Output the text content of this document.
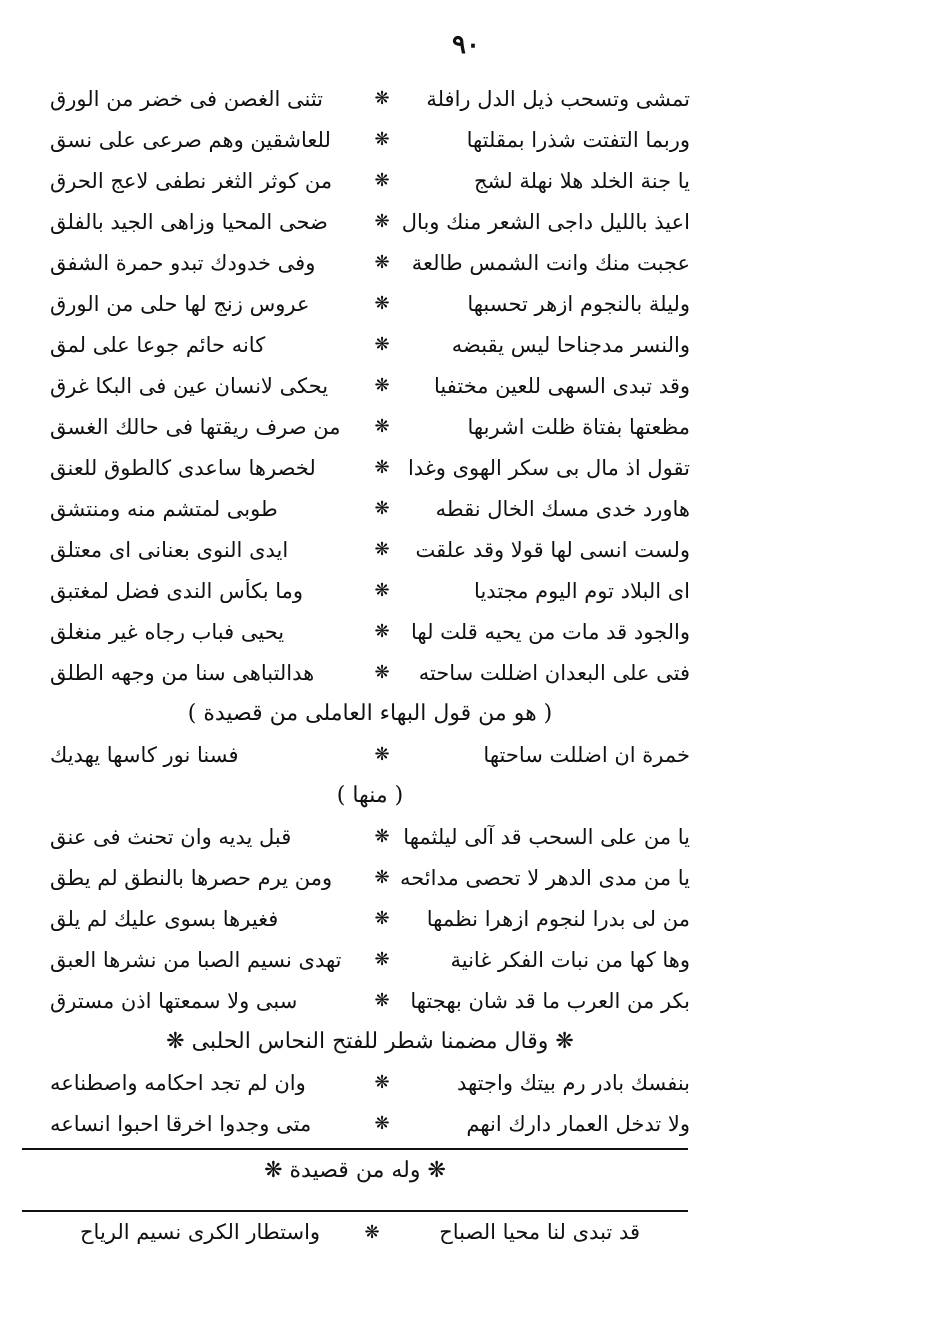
٩٠
تمشى وتسحب ذيل الدل رافلة
❋
تثنى الغصن فى خضر من الورق
وربما التفتت شذرا بمقلتها
❋
للعاشقين وهم صرعى على نسق
يا جنة الخلد هلا نهلة لشج
❋
من كوثر الثغر نطفى لاعج الحرق
اعيذ بالليل داجى الشعر منك وبال
❋
ضحى المحيا وزاهى الجيد بالفلق
عجبت منك وانت الشمس طالعة
❋
وفى خدودك تبدو حمرة الشفق
وليلة بالنجوم ازهر تحسبها
❋
عروس زنج لها حلى من الورق
والنسر مدجناحا ليس يقبضه
❋
كانه حائم جوعا على لمق
وقد تبدى السهى للعين مختفيا
❋
يحكى لانسان عين فى البكا غرق
مظعتها بفتاة ظلت اشربها
❋
من صرف ريقتها فى حالك الغسق
تقول اذ مال بى سكر الهوى وغدا
❋
لخصرها ساعدى كالطوق للعنق
هاورد خدى مسك الخال نقطه
❋
طوبى لمتشم منه ومنتشق
ولست انسى لها قولا وقد علقت
❋
ايدى النوى بعنانى اى معتلق
اى البلاد توم اليوم مجتديا
❋
وما بكأس الندى فضل لمغتبق
والجود قد مات من يحيه قلت لها
❋
يحيى فباب رجاه غير منغلق
فتى على البعدان اضللت ساحته
❋
هدالتباهى سنا من وجهه الطلق
( هو من قول البهاء العاملى من قصيدة )
خمرة ان اضللت ساحتها
❋
فسنا نور كاسها يهديك
( منها )
يا من على السحب قد آلى ليلثمها
❋
قبل يديه وان تحنث فى عنق
يا من مدى الدهر لا تحصى مدائحه
❋
ومن يرم حصرها بالنطق لم يطق
من لى بدرا لنجوم ازهرا نظمها
❋
فغيرها بسوى عليك لم يلق
وها كها من نبات الفكر غانية
❋
تهدى نسيم الصبا من نشرها العبق
بكر من العرب ما قد شان بهجتها
❋
سبى ولا سمعتها اذن مسترق
❋ وقال مضمنا شطر للفتح النحاس الحلبى ❋
بنفسك بادر رم بيتك واجتهد
❋
وان لم تجد احكامه واصطناعه
ولا تدخل العمار دارك انهم
❋
متى وجدوا اخرقا احبوا انساعه
❋ وله من قصيدة ❋
قد تبدى لنا محيا الصباح
❋
واستطار الكرى نسيم الرياح
